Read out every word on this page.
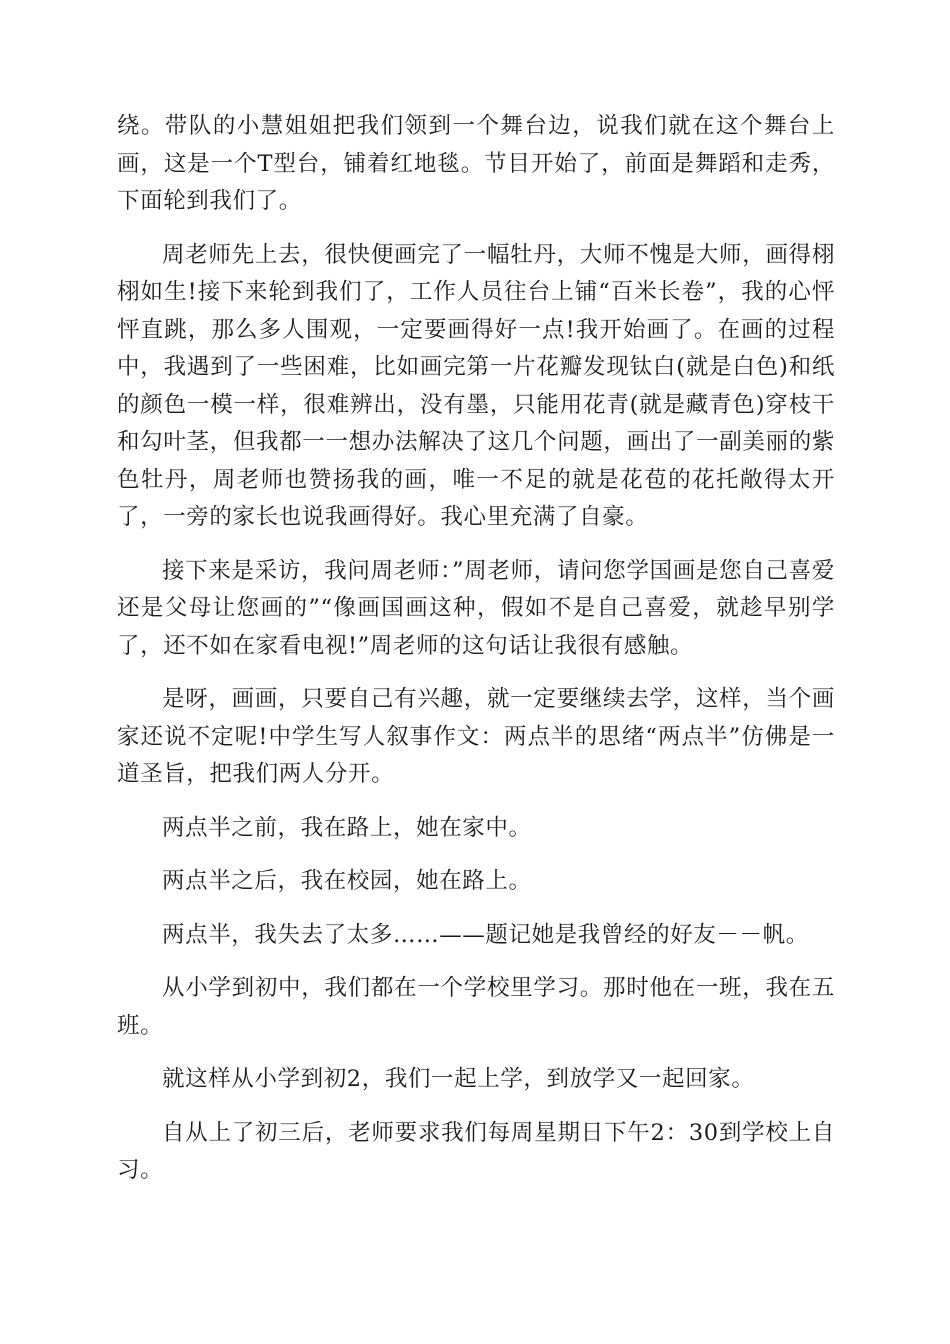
绕。带队的小慧姐姐把我们领到一个舞台边，说我们就在这个舞台上画，这是一个T型台，铺着红地毯。节目开始了，前面是舞蹈和走秀，下面轮到我们了。

周老师先上去，很快便画完了一幅牡丹，大师不愧是大师，画得栩栩如生!接下来轮到我们了，工作人员往台上铺“百米长卷”，我的心怦怦直跳，那么多人围观，一定要画得好一点!我开始画了。在画的过程中，我遇到了一些困难，比如画完第一片花瓣发现钛白(就是白色)和纸的颜色一模一样，很难辨出，没有墨，只能用花青(就是藏青色)穿枝干和勾叶茎，但我都一一想办法解决了这几个问题，画出了一副美丽的紫色牡丹，周老师也赞扬我的画，唯一不足的就是花苞的花托敞得太开了，一旁的家长也说我画得好。我心里充满了自豪。

接下来是采访，我问周老师：”周老师，请问您学国画是您自己喜爱还是父母让您画的”“像画国画这种，假如不是自己喜爱，就趁早别学了，还不如在家看电视!”周老师的这句话让我很有感触。

是呀，画画，只要自己有兴趣，就一定要继续去学，这样，当个画家还说不定呢!中学生写人叙事作文：两点半的思绪“两点半”仿佛是一道圣旨，把我们两人分开。

两点半之前，我在路上，她在家中。

两点半之后，我在校园，她在路上。

两点半，我失去了太多……——题记她是我曾经的好友－－帆。

从小学到初中，我们都在一个学校里学习。那时他在一班，我在五班。

就这样从小学到初2，我们一起上学，到放学又一起回家。

自从上了初三后，老师要求我们每周星期日下午2：30到学校上自习。
